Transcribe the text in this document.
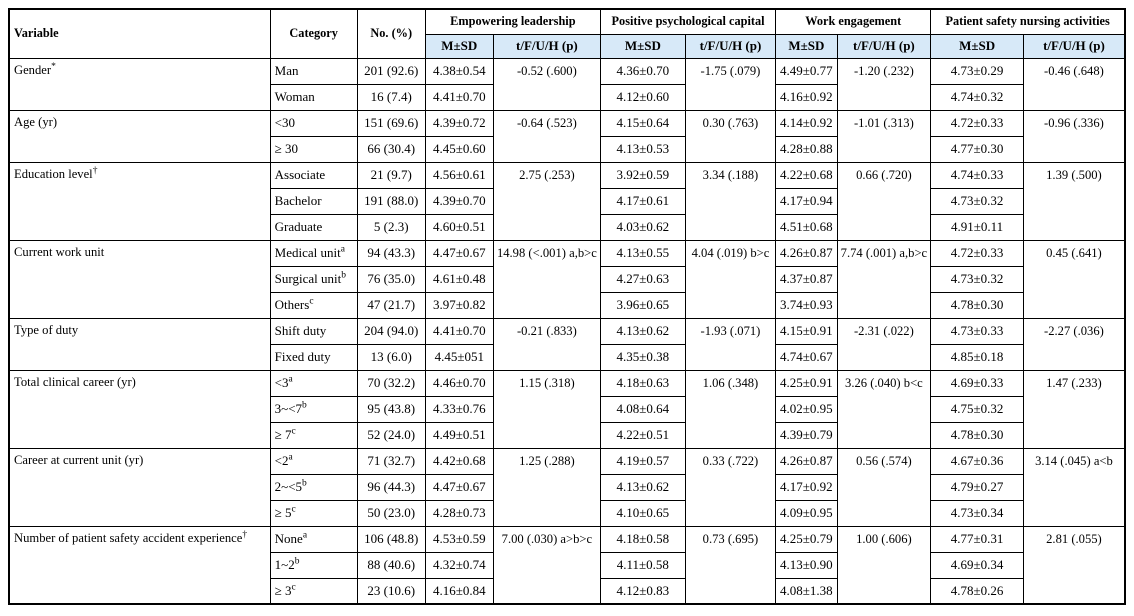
Variable	Category	No. (%)	Empowering leadership		Positive psychological capital		Work engagement		Patient safety nursing activities	
			M±SD	t/F/U/H (p)	M±SD	t/F/U/H (p)	M±SD	t/F/U/H (p)	M±SD	t/F/U/H (p)
Gender*	Man	201 (92.6)	4.38±0.54	-0.52 (.600)	4.36±0.70	-1.75 (.079)	4.49±0.77	-1.20 (.232)	4.73±0.29	-0.46 (.648)
	Woman	16 (7.4)	4.41±0.70		4.12±0.60		4.16±0.92		4.74±0.32	
Age (yr)	<30	151 (69.6)	4.39±0.72	-0.64 (.523)	4.15±0.64	0.30 (.763)	4.14±0.92	-1.01 (.313)	4.72±0.33	-0.96 (.336)
	≥ 30	66 (30.4)	4.45±0.60		4.13±0.53		4.28±0.88		4.77±0.30	
Education level†	Associate	21 (9.7)	4.56±0.61	2.75 (.253)	3.92±0.59	3.34 (.188)	4.22±0.68	0.66 (.720)	4.74±0.33	1.39 (.500)
	Bachelor	191 (88.0)	4.39±0.70		4.17±0.61		4.17±0.94		4.73±0.32	
	Graduate	5 (2.3)	4.60±0.51		4.03±0.62		4.51±0.68		4.91±0.11	
Current work unit	Medical unit$^a$	94 (43.3)	4.47±0.67	14.98 (<.001) a,b>c	4.13±0.55	4.04 (.019) b>c	4.26±0.87	7.74 (.001) a,b>c	4.72±0.33	0.45 (.641)
	Surgical unit$^b$	76 (35.0)	4.61±0.48		4.27±0.63		4.37±0.87		4.73±0.32	
	Others$^c$	47 (21.7)	3.97±0.82		3.96±0.65		3.74±0.93		4.78±0.30	
Type of duty	Shift duty	204 (94.0)	4.41±0.70	-0.21 (.833)	4.13±0.62	-1.93 (.071)	4.15±0.91	-2.31 (.022)	4.73±0.33	-2.27 (.036)
	Fixed duty	13 (6.0)	4.45±051		4.35±0.38		4.74±0.67		4.85±0.18	
Total clinical career (yr)	$<3^a$	70 (32.2)	4.46±0.70	1.15 (.318)	4.18±0.63	1.06 (.348)	4.25±0.91	3.26 (.040) b<c	4.69±0.33	1.47 (.233)
	$3\sim<7^b$	95 (43.8)	4.33±0.76		4.08±0.64		4.02±0.95		4.75±0.32	
	≥ $7^c$	52 (24.0)	4.49±0.51		4.22±0.51		4.39±0.79		4.78±0.30	
Career at current unit (yr)	$<2^a$	71 (32.7)	4.42±0.68	1.25 (.288)	4.19±0.57	0.33 (.722)	4.26±0.87	0.56 (.574)	4.67±0.36	3.14 (.045) a<b
	$2\sim<5^b$	96 (44.3)	4.47±0.67		4.13±0.62		4.17±0.92		4.79±0.27	
	≥ $5^c$	50 (23.0)	4.28±0.73		4.10±0.65		4.09±0.95		4.73±0.34	
Number of patient safety accident experience†	None$^a$	106 (48.8)	4.53±0.59	7.00 (.030) a>b>c	4.18±0.58	0.73 (.695)	4.25±0.79	1.00 (.606)	4.77±0.31	2.81 (.055)
	1~2$^b$	88 (40.6)	4.32±0.74		4.11±0.58		4.13±0.90		4.69±0.34	
	≥ $3^c$	23 (10.6)	4.16±0.84		4.12±0.83		4.08±1.38		4.78±0.26	
